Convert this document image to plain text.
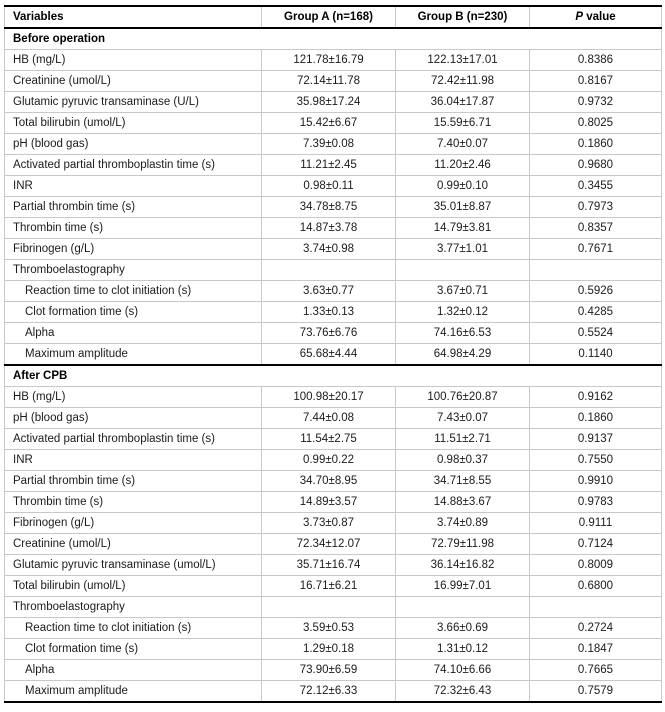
Variables	Group A (n=168)	Group B (n=230)	P value
Before operation			
HB (mg/L)	121.78±16.79	122.13±17.01	0.8386
Creatinine (umol/L)	72.14±11.78	72.42±11.98	0.8167
Glutamic pyruvic transaminase (U/L)	35.98±17.24	36.04±17.87	0.9732
Total bilirubin (umol/L)	15.42±6.67	15.59±6.71	0.8025
pH (blood gas)	7.39±0.08	7.40±0.07	0.1860
Activated partial thromboplastin time (s)	11.21±2.45	11.20±2.46	0.9680
INR	0.98±0.11	0.99±0.10	0.3455
Partial thrombin time (s)	34.78±8.75	35.01±8.87	0.7973
Thrombin time (s)	14.87±3.78	14.79±3.81	0.8357
Fibrinogen (g/L)	3.74±0.98	3.77±1.01	0.7671
Thromboelastography			
Reaction time to clot initiation (s)	3.63±0.77	3.67±0.71	0.5926
Clot formation time (s)	1.33±0.13	1.32±0.12	0.4285
Alpha	73.76±6.76	74.16±6.53	0.5524
Maximum amplitude	65.68±4.44	64.98±4.29	0.1140
After CPB			
HB (mg/L)	100.98±20.17	100.76±20.87	0.9162
pH (blood gas)	7.44±0.08	7.43±0.07	0.1860
Activated partial thromboplastin time (s)	11.54±2.75	11.51±2.71	0.9137
INR	0.99±0.22	0.98±0.37	0.7550
Partial thrombin time (s)	34.70±8.95	34.71±8.55	0.9910
Thrombin time (s)	14.89±3.57	14.88±3.67	0.9783
Fibrinogen (g/L)	3.73±0.87	3.74±0.89	0.9111
Creatinine (umol/L)	72.34±12.07	72.79±11.98	0.7124
Glutamic pyruvic transaminase (umol/L)	35.71±16.74	36.14±16.82	0.8009
Total bilirubin (umol/L)	16.71±6.21	16.99±7.01	0.6800
Thromboelastography			
Reaction time to clot initiation (s)	3.59±0.53	3.66±0.69	0.2724
Clot formation time (s)	1.29±0.18	1.31±0.12	0.1847
Alpha	73.90±6.59	74.10±6.66	0.7665
Maximum amplitude	72.12±6.33	72.32±6.43	0.7579
